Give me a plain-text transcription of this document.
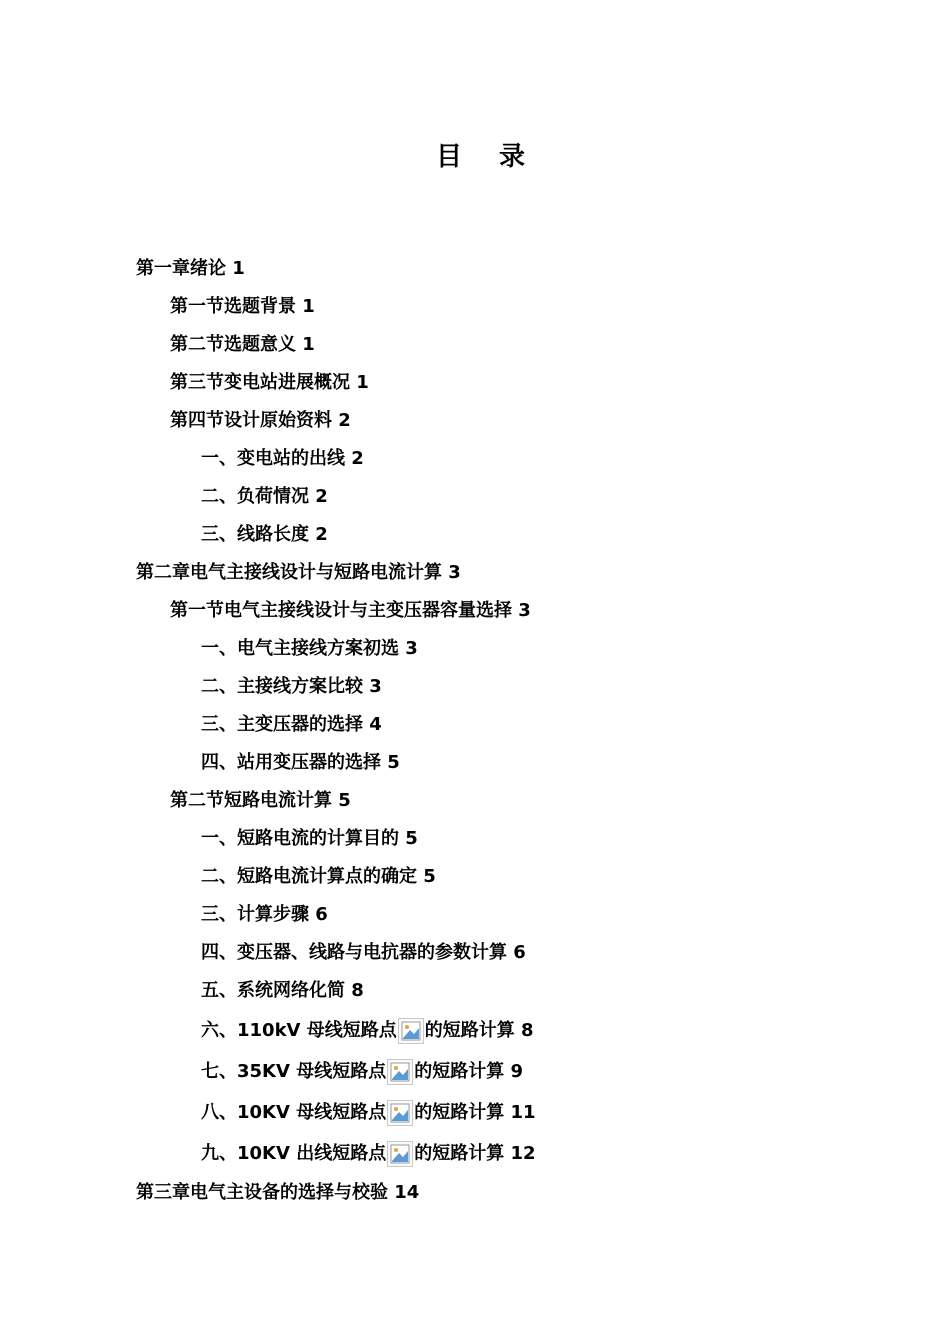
目 录
第一章绪论 1
第一节选题背景 1
第二节选题意义 1
第三节变电站进展概况 1
第四节设计原始资料 2
一、变电站的出线 2
二、负荷情况 2
三、线路长度 2
第二章电气主接线设计与短路电流计算 3
第一节电气主接线设计与主变压器容量选择 3
一、电气主接线方案初选 3
二、主接线方案比较 3
三、主变压器的选择 4
四、站用变压器的选择 5
第二节短路电流计算 5
一、短路电流的计算目的 5
二、短路电流计算点的确定 5
三、计算步骤 6
四、变压器、线路与电抗器的参数计算 6
五、系统网络化简 8
六、110kV 母线短路点 的短路计算 8
七、35KV 母线短路点 的短路计算 9
八、10KV 母线短路点 的短路计算 11
九、10KV 出线短路点 的短路计算 12
第三章电气主设备的选择与校验 14
